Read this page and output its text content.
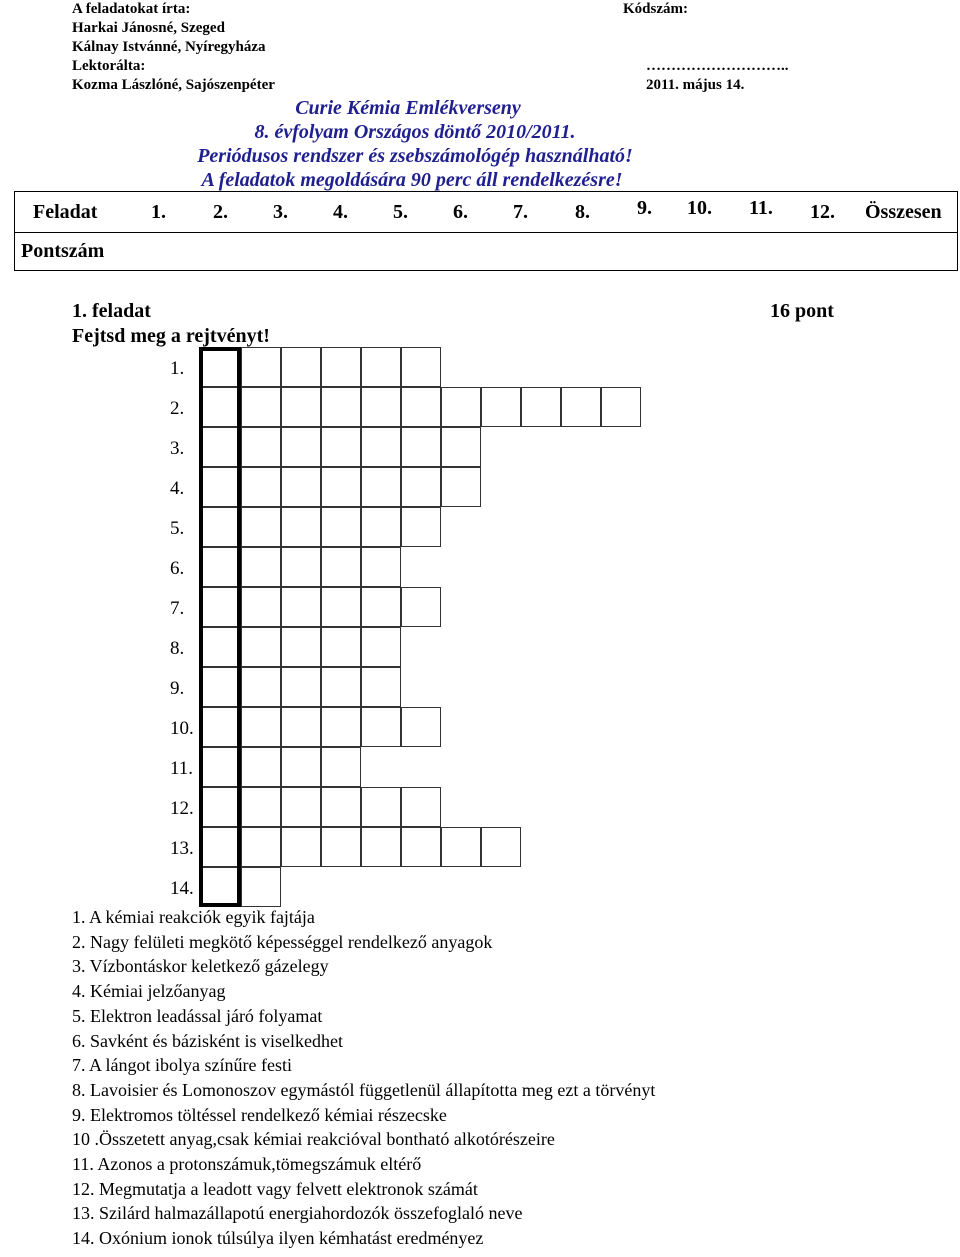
A feladatokat írta:
Harkai Jánosné, Szeged
Kálnay Istvánné, Nyíregyháza
Lektorálta:
Kozma Lászlóné, Sajószenpéter
Kódszám:
………………………..
2011. május 14.
Curie Kémia Emlékverseny
8. évfolyam Országos döntő 2010/2011.
Periódusos rendszer és zsebszámológép használható!
A feladatok megoldására 90 perc áll rendelkezésre!
Feladat	1. 2. 3. 4. 5. 6. 7. 8. 9. 10. 11. 12. Összesen
Pontszám
1. feladat	16 pont
Fejtsd meg a rejtvényt!
1.
2.
3.
4.
5.
6.
7.
8.
9.
10.
11.
12.
13.
14.
1. A kémiai reakciók egyik fajtája
2. Nagy felületi megkötő képességgel rendelkező anyagok
3. Vízbontáskor keletkező gázelegy
4. Kémiai jelzőanyag
5. Elektron leadással járó folyamat
6. Savként és bázisként is viselkedhet
7. A lángot ibolya színűre festi
8. Lavoisier és Lomonoszov egymástól függetlenül állapította meg ezt a törvényt
9. Elektromos töltéssel rendelkező kémiai részecske
10 .Összetett anyag,csak kémiai reakcióval bontható alkotórészeire
11. Azonos a protonszámuk,tömegszámuk eltérő
12. Megmutatja a leadott vagy felvett elektronok számát
13. Szilárd halmazállapotú energiahordozók összefoglaló neve
14. Oxónium ionok túlsúlya ilyen kémhatást eredményez
